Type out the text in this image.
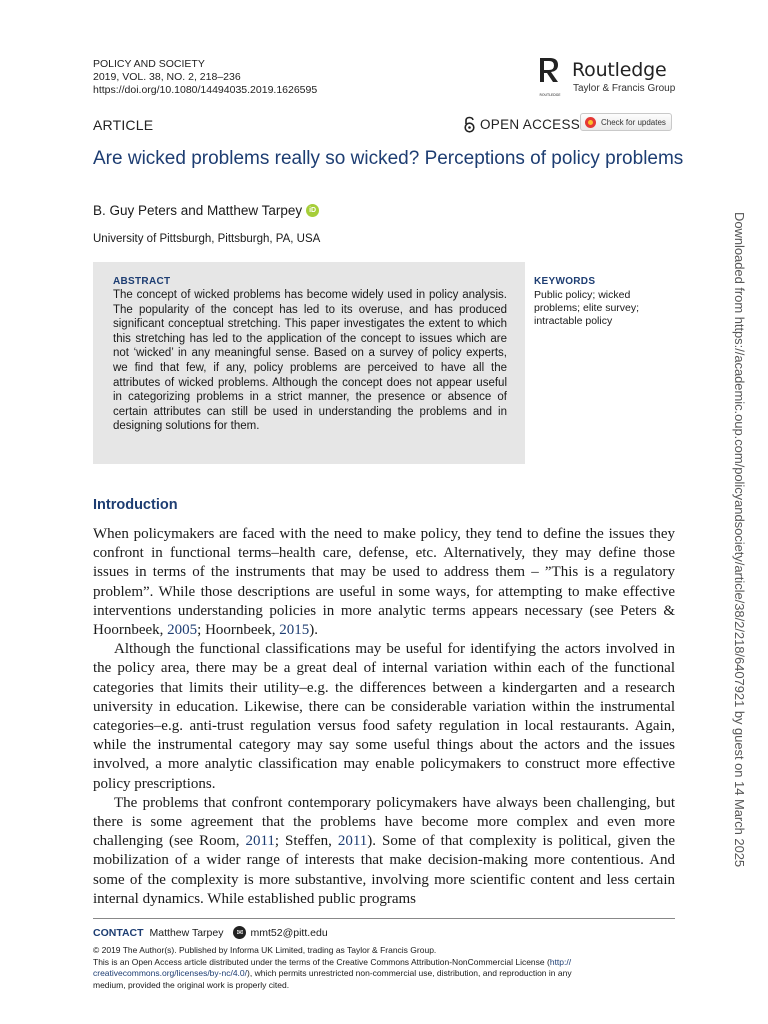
POLICY AND SOCIETY
2019, VOL. 38, NO. 2, 218–236
https://doi.org/10.1080/14494035.2019.1626595	ROUTLEDGE
Routledge
Taylor & Francis Group
ARTICLE	OPEN ACCESS	Check for updates
Are wicked problems really so wicked? Perceptions of policy problems
B. Guy Peters and Matthew Tarpey	iD
University of Pittsburgh, Pittsburgh, PA, USA
ABSTRACT
The concept of wicked problems has become widely used in policy analysis. The popularity of the concept has led to its overuse, and has produced significant conceptual stretching. This paper investigates the extent to which this stretching has led to the application of the concept to issues which are not ‘wicked’ in any meaningful sense. Based on a survey of policy experts, we find that few, if any, policy problems are perceived to have all the attributes of wicked problems. Although the concept does not appear useful in categorizing problems in a strict manner, the presence or absence of certain attributes can still be used in understanding the problems and in designing solutions for them.
KEYWORDS
Public policy; wicked problems; elite survey; intractable policy
Introduction

When policymakers are faced with the need to make policy, they tend to define the issues they confront in functional terms–health care, defense, etc. Alternatively, they may define those issues in terms of the instruments that may be used to address them – ”This is a regulatory problem”. While those descriptions are useful in some ways, for attempting to make effective interventions understanding policies in more analytic terms appears necessary (see Peters & Hoornbeek, 2005; Hoornbeek, 2015).

Although the functional classifications may be useful for identifying the actors involved in the policy area, there may be a great deal of internal variation within each of the functional categories that limits their utility–e.g. the differences between a kindergarten and a research university in education. Likewise, there can be considerable variation within the instrumental categories–e.g. anti-trust regulation versus food safety regulation in local restaurants. Again, while the instrumental category may say some useful things about the actors and the issues involved, a more analytic classification may enable policymakers to construct more effective policy prescriptions.

The problems that confront contemporary policymakers have always been challenging, but there is some agreement that the problems have become more complex and even more challenging (see Room, 2011; Steffen, 2011). Some of that complexity is political, given the mobilization of a wider range of interests that make decision-making more contentious. And some of the complexity is more substantive, involving more scientific content and less certain internal dynamics. While established public programs

CONTACT Matthew Tarpey	✉ mmt52@pitt.edu
© 2019 The Author(s). Published by Informa UK Limited, trading as Taylor & Francis Group.
This is an Open Access article distributed under the terms of the Creative Commons Attribution-NonCommercial License (http://
creativecommons.org/licenses/by-nc/4.0/), which permits unrestricted non-commercial use, distribution, and reproduction in any
medium, provided the original work is properly cited.
Downloaded from https://academic.oup.com/policyandsociety/article/38/2/218/6407921 by guest on 14 March 2025
